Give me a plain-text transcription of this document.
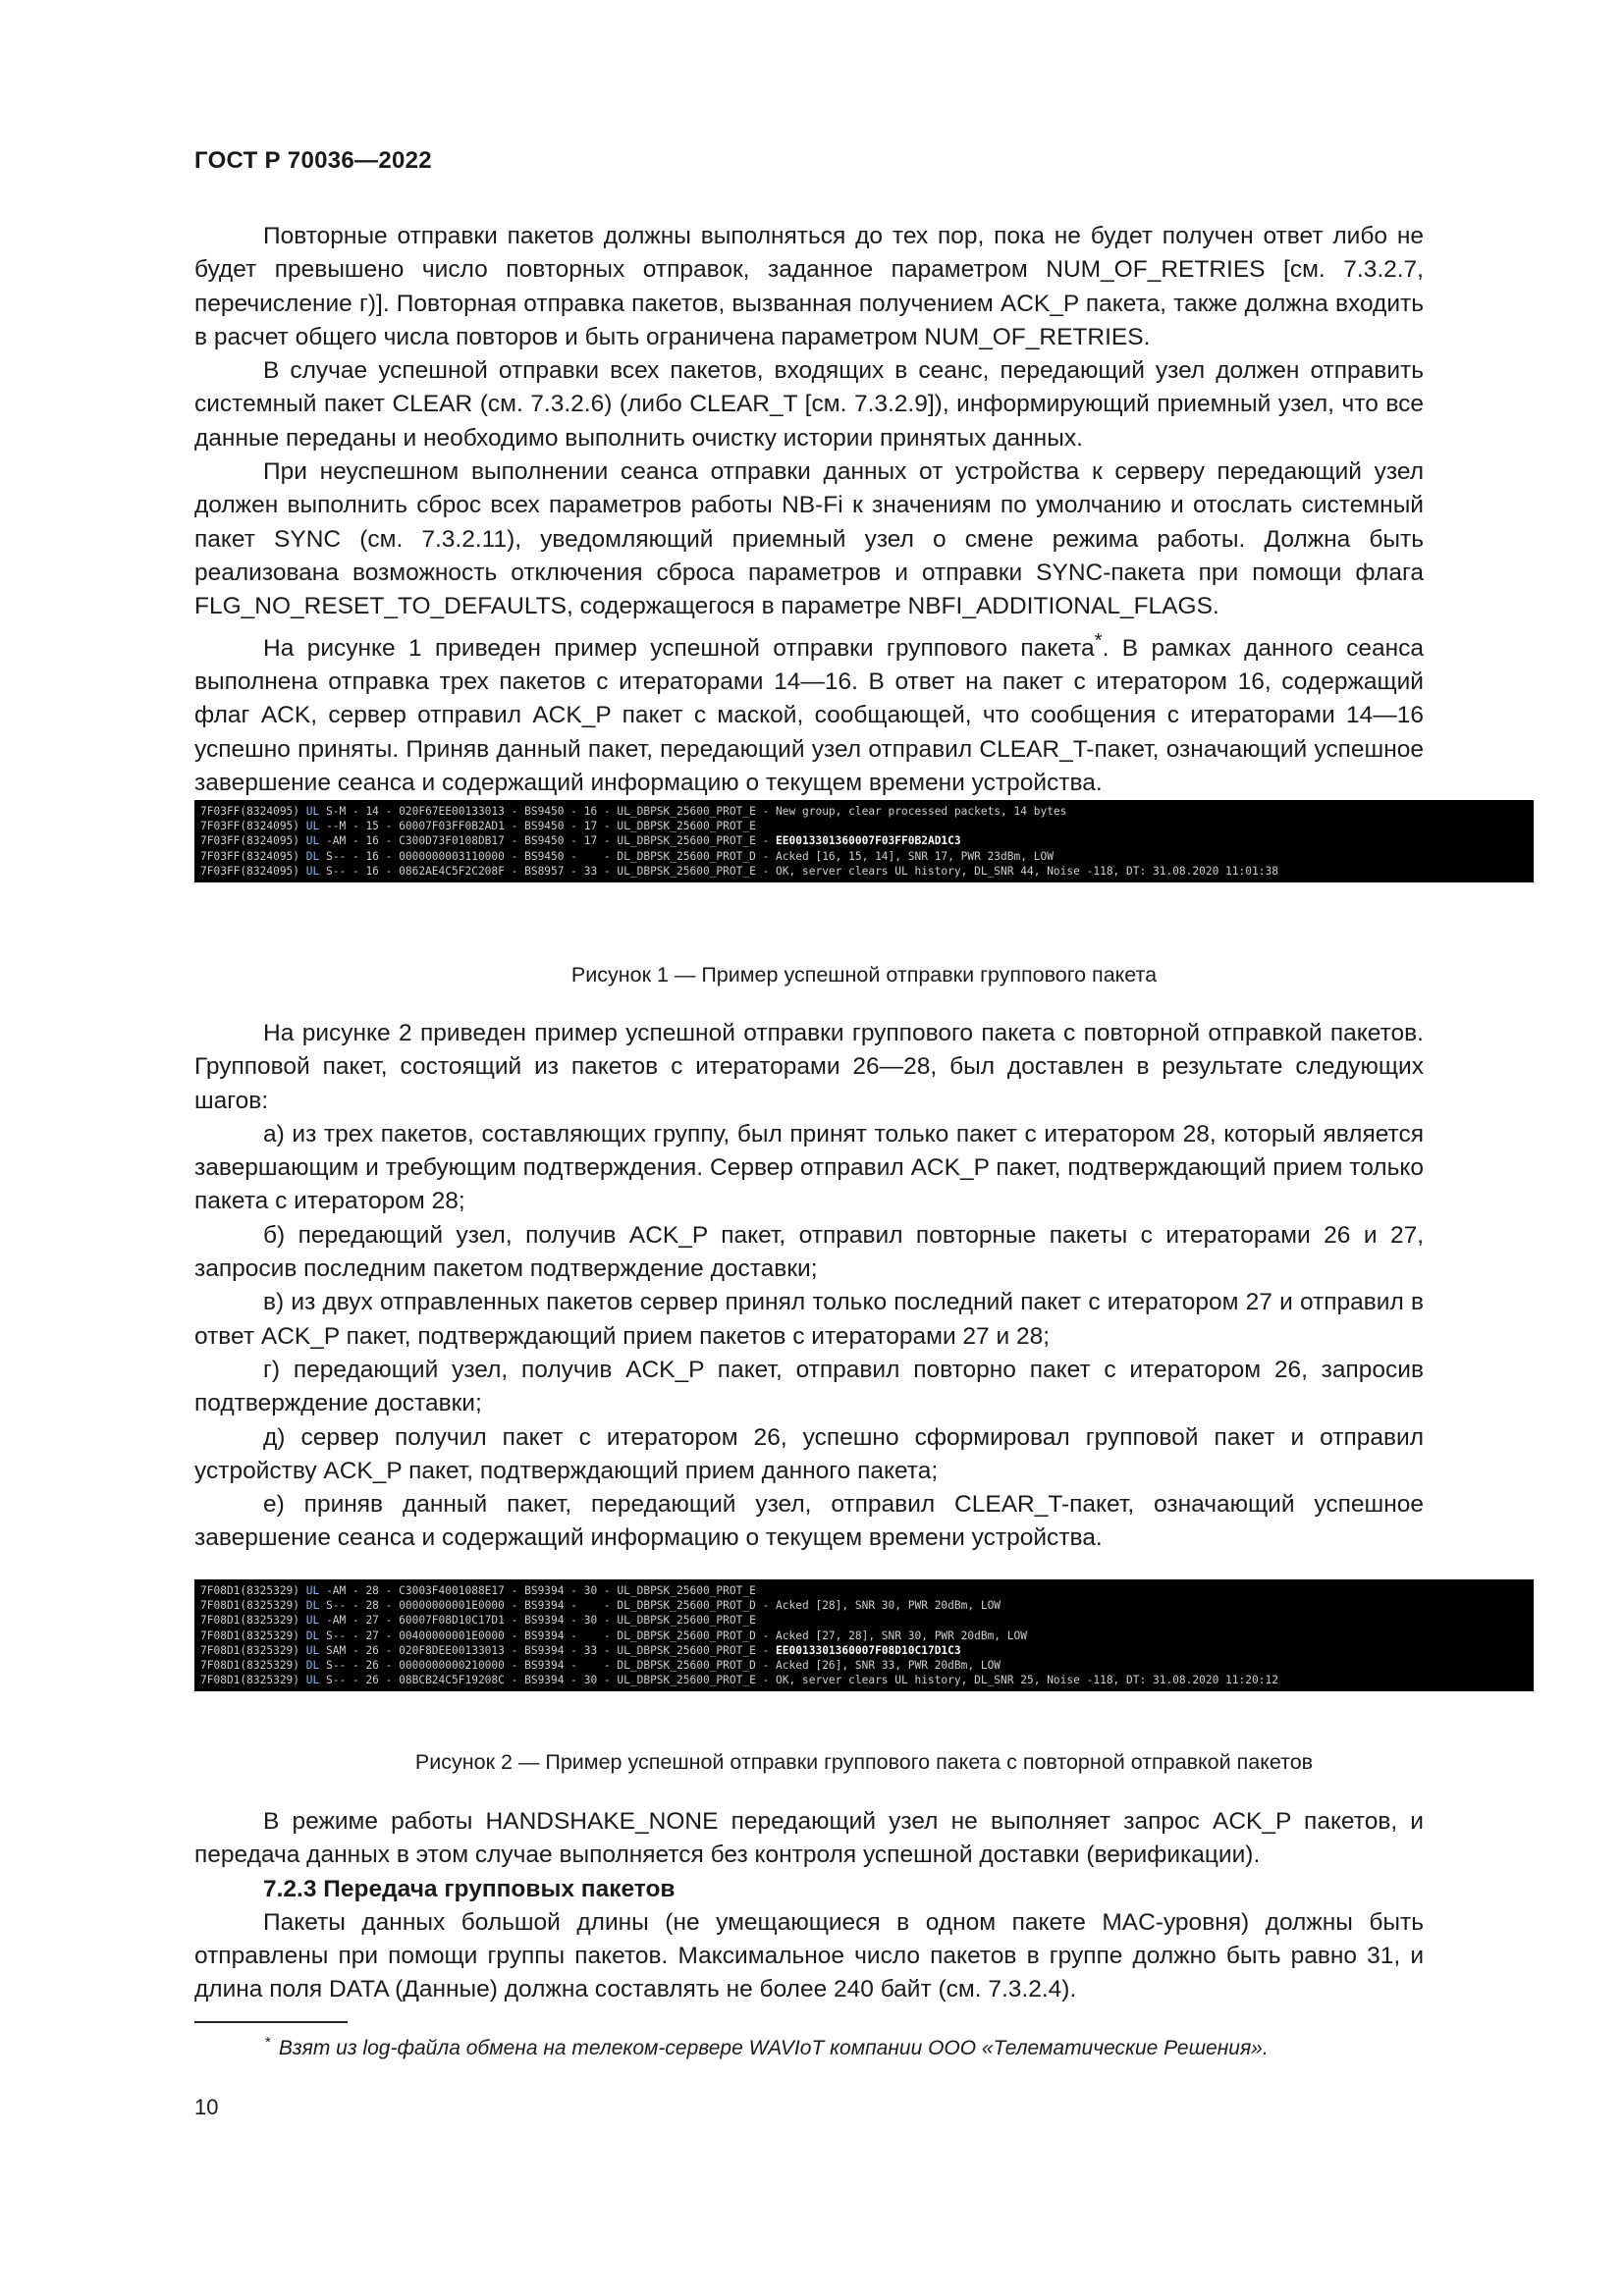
ГОСТ Р 70036—2022

Повторные отправки пакетов должны выполняться до тех пор, пока не будет получен ответ либо не будет превышено число повторных отправок, заданное параметром NUM_OF_RETRIES [см. 7.3.2.7, перечисление г)]. Повторная отправка пакетов, вызванная получением ACK_P пакета, также должна входить в расчет общего числа повторов и быть ограничена параметром NUM_OF_RETRIES.

В случае успешной отправки всех пакетов, входящих в сеанс, передающий узел должен отправить системный пакет CLEAR (см. 7.3.2.6) (либо CLEAR_T [см. 7.3.2.9]), информирующий приемный узел, что все данные переданы и необходимо выполнить очистку истории принятых данных.

При неуспешном выполнении сеанса отправки данных от устройства к серверу передающий узел должен выполнить сброс всех параметров работы NB-Fi к значениям по умолчанию и отослать системный пакет SYNC (см. 7.3.2.11), уведомляющий приемный узел о смене режима работы. Должна быть реализована возможность отключения сброса параметров и отправки SYNC-пакета при помощи флага FLG_NO_RESET_TO_DEFAULTS, содержащегося в параметре NBFI_ADDITIONAL_FLAGS.

На рисунке 1 приведен пример успешной отправки группового пакета*. В рамках данного сеанса выполнена отправка трех пакетов с итераторами 14—16. В ответ на пакет с итератором 16, содержащий флаг ACK, сервер отправил ACK_P пакет с маской, сообщающей, что сообщения с итераторами 14—16 успешно приняты. Приняв данный пакет, передающий узел отправил CLEAR_T-пакет, означающий успешное завершение сеанса и содержащий информацию о текущем времени устройства.

7F03FF(8324095) UL S-M - 14 - 020F67EE00133013 - BS9450 - 16 - UL_DBPSK_25600_PROT_E - New group, clear processed packets, 14 bytes
7F03FF(8324095) UL --M - 15 - 60007F03FF0B2AD1 - BS9450 - 17 - UL_DBPSK_25600_PROT_E
7F03FF(8324095) UL -AM - 16 - C300D73F0108DB17 - BS9450 - 17 - UL_DBPSK_25600_PROT_E - EE0013301360007F03FF0B2AD1C3
7F03FF(8324095) DL S-- - 16 - 0000000003110000 - BS9450 -    - DL_DBPSK_25600_PROT_D - Acked [16, 15, 14], SNR 17, PWR 23dBm, LOW
7F03FF(8324095) UL S-- - 16 - 0862AE4C5F2C208F - BS8957 - 33 - UL_DBPSK_25600_PROT_E - OK, server clears UL history, DL_SNR 44, Noise -118, DT: 31.08.2020 11:01:38
Рисунок 1 — Пример успешной отправки группового пакета

На рисунке 2 приведен пример успешной отправки группового пакета с повторной отправкой пакетов. Групповой пакет, состоящий из пакетов с итераторами 26—28, был доставлен в результате следующих шагов:

а) из трех пакетов, составляющих группу, был принят только пакет с итератором 28, который является завершающим и требующим подтверждения. Сервер отправил ACK_P пакет, подтверждающий прием только пакета с итератором 28;

б) передающий узел, получив ACK_P пакет, отправил повторные пакеты с итераторами 26 и 27, запросив последним пакетом подтверждение доставки;

в) из двух отправленных пакетов сервер принял только последний пакет с итератором 27 и отправил в ответ ACK_P пакет, подтверждающий прием пакетов с итераторами 27 и 28;

г) передающий узел, получив ACK_P пакет, отправил повторно пакет с итератором 26, запросив подтверждение доставки;

д) сервер получил пакет с итератором 26, успешно сформировал групповой пакет и отправил устройству ACK_P пакет, подтверждающий прием данного пакета;

е) приняв данный пакет, передающий узел, отправил CLEAR_T-пакет, означающий успешное завершение сеанса и содержащий информацию о текущем времени устройства.

7F08D1(8325329) UL -AM - 28 - C3003F4001088E17 - BS9394 - 30 - UL_DBPSK_25600_PROT_E
7F08D1(8325329) DL S-- - 28 - 00000000001E0000 - BS9394 -    - DL_DBPSK_25600_PROT_D - Acked [28], SNR 30, PWR 20dBm, LOW
7F08D1(8325329) UL -AM - 27 - 60007F08D10C17D1 - BS9394 - 30 - UL_DBPSK_25600_PROT_E
7F08D1(8325329) DL S-- - 27 - 00400000001E0000 - BS9394 -    - DL_DBPSK_25600_PROT_D - Acked [27, 28], SNR 30, PWR 20dBm, LOW
7F08D1(8325329) UL SAM - 26 - 020F8DEE00133013 - BS9394 - 33 - UL_DBPSK_25600_PROT_E - EE0013301360007F08D10C17D1C3
7F08D1(8325329) DL S-- - 26 - 0000000000210000 - BS9394 -    - DL_DBPSK_25600_PROT_D - Acked [26], SNR 33, PWR 20dBm, LOW
7F08D1(8325329) UL S-- - 26 - 08BCB24C5F19208C - BS9394 - 30 - UL_DBPSK_25600_PROT_E - OK, server clears UL history, DL_SNR 25, Noise -118, DT: 31.08.2020 11:20:12
Рисунок 2 — Пример успешной отправки группового пакета с повторной отправкой пакетов

В режиме работы HANDSHAKE_NONE передающий узел не выполняет запрос ACK_P пакетов, и передача данных в этом случае выполняется без контроля успешной доставки (верификации).

7.2.3 Передача групповых пакетов

Пакеты данных большой длины (не умещающиеся в одном пакете MAC-уровня) должны быть отправлены при помощи группы пакетов. Максимальное число пакетов в группе должно быть равно 31, и длина поля DATA (Данные) должна составлять не более 240 байт (см. 7.3.2.4).

* Взят из log-файла обмена на телеком-сервере WAVIoT компании ООО «Телематические Решения».
10
